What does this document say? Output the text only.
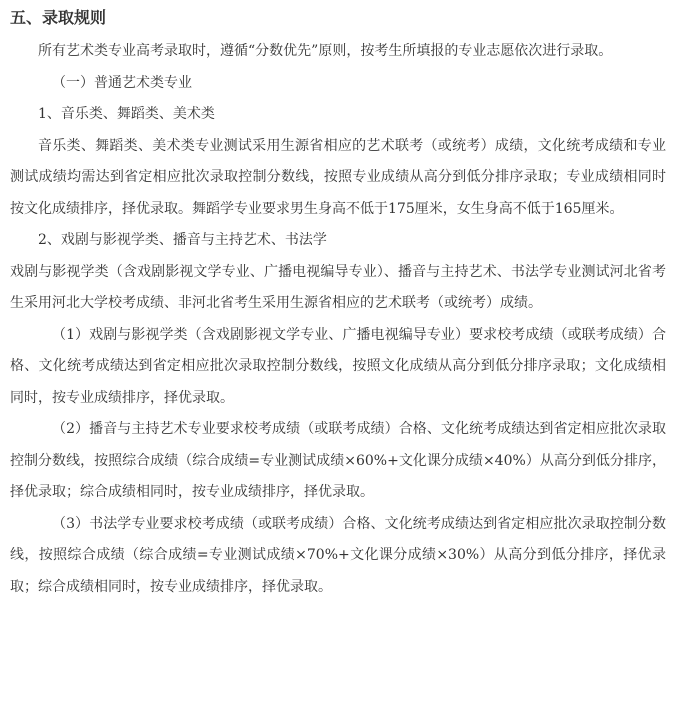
五、录取规则

所有艺术类专业高考录取时，遵循“分数优先”原则，按考生所填报的专业志愿依次进行录取。

（一）普通艺术类专业

1、音乐类、舞蹈类、美术类

音乐类、舞蹈类、美术类专业测试采用生源省相应的艺术联考（或统考）成绩，文化统考成绩和专业测试成绩均需达到省定相应批次录取控制分数线，按照专业成绩从高分到低分排序录取；专业成绩相同时按文化成绩排序，择优录取。舞蹈学专业要求男生身高不低于175厘米，女生身高不低于165厘米。

2、戏剧与影视学类、播音与主持艺术、书法学

戏剧与影视学类（含戏剧影视文学专业、广播电视编导专业）、播音与主持艺术、书法学专业测试河北省考生采用河北大学校考成绩、非河北省考生采用生源省相应的艺术联考（或统考）成绩。

（1）戏剧与影视学类（含戏剧影视文学专业、广播电视编导专业）要求校考成绩（或联考成绩）合格、文化统考成绩达到省定相应批次录取控制分数线，按照文化成绩从高分到低分排序录取；文化成绩相同时，按专业成绩排序，择优录取。

（2）播音与主持艺术专业要求校考成绩（或联考成绩）合格、文化统考成绩达到省定相应批次录取控制分数线，按照综合成绩（综合成绩=专业测试成绩×60%+文化课分成绩×40%）从高分到低分排序，择优录取；综合成绩相同时，按专业成绩排序，择优录取。

（3）书法学专业要求校考成绩（或联考成绩）合格、文化统考成绩达到省定相应批次录取控制分数线，按照综合成绩（综合成绩=专业测试成绩×70%+文化课分成绩×30%）从高分到低分排序，择优录取；综合成绩相同时，按专业成绩排序，择优录取。
